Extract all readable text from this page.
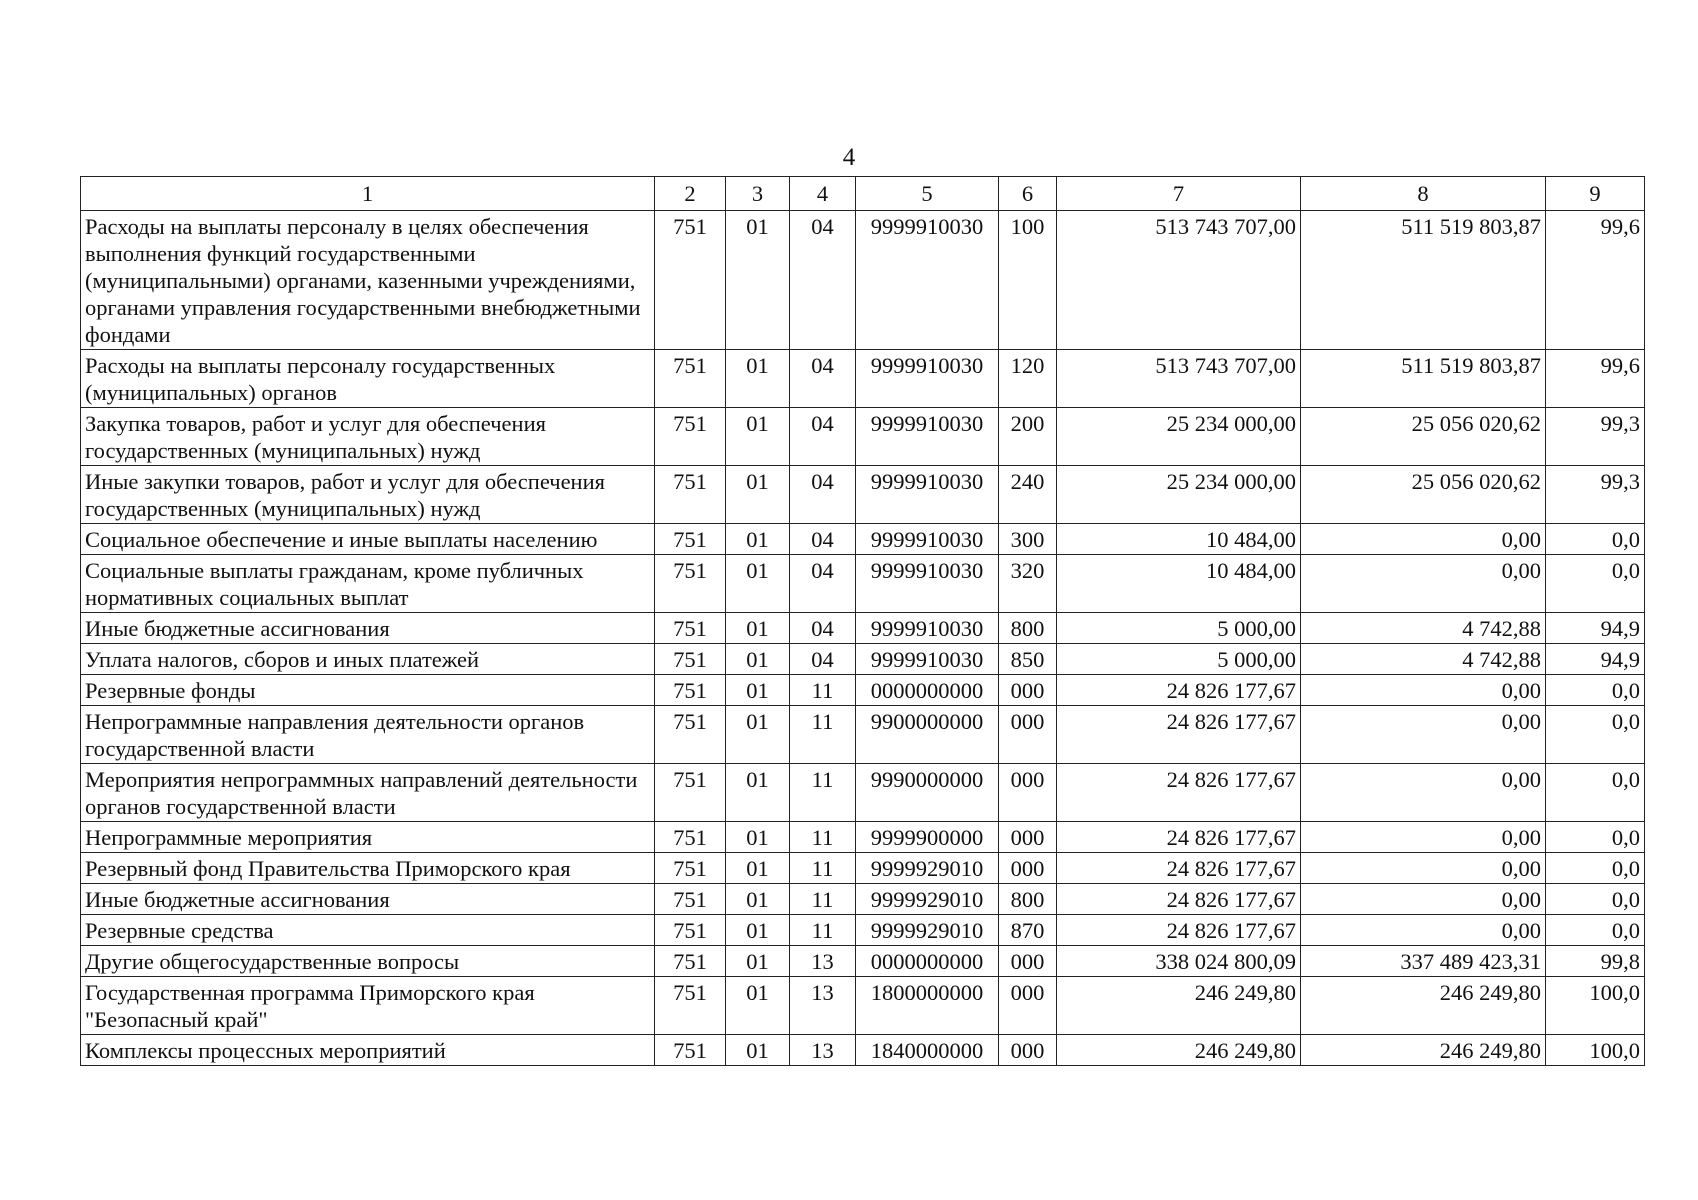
4
1	2	3	4	5	6	7	8	9
Расходы на выплаты персоналу в целях обеспечения выполнения функций государственными (муниципальными) органами, казенными учреждениями, органами управления государственными внебюджетными фондами	751	01	04	9999910030	100	513 743 707,00	511 519 803,87	99,6
Расходы на выплаты персоналу государственных (муниципальных) органов	751	01	04	9999910030	120	513 743 707,00	511 519 803,87	99,6
Закупка товаров, работ и услуг для обеспечения государственных (муниципальных) нужд	751	01	04	9999910030	200	25 234 000,00	25 056 020,62	99,3
Иные закупки товаров, работ и услуг для обеспечения государственных (муниципальных) нужд	751	01	04	9999910030	240	25 234 000,00	25 056 020,62	99,3
Социальное обеспечение и иные выплаты населению	751	01	04	9999910030	300	10 484,00	0,00	0,0
Социальные выплаты гражданам, кроме публичных нормативных социальных выплат	751	01	04	9999910030	320	10 484,00	0,00	0,0
Иные бюджетные ассигнования	751	01	04	9999910030	800	5 000,00	4 742,88	94,9
Уплата налогов, сборов и иных платежей	751	01	04	9999910030	850	5 000,00	4 742,88	94,9
Резервные фонды	751	01	11	0000000000	000	24 826 177,67	0,00	0,0
Непрограммные направления деятельности органов государственной власти	751	01	11	9900000000	000	24 826 177,67	0,00	0,0
Мероприятия непрограммных направлений деятельности органов государственной власти	751	01	11	9990000000	000	24 826 177,67	0,00	0,0
Непрограммные мероприятия	751	01	11	9999900000	000	24 826 177,67	0,00	0,0
Резервный фонд Правительства Приморского края	751	01	11	9999929010	000	24 826 177,67	0,00	0,0
Иные бюджетные ассигнования	751	01	11	9999929010	800	24 826 177,67	0,00	0,0
Резервные средства	751	01	11	9999929010	870	24 826 177,67	0,00	0,0
Другие общегосударственные вопросы	751	01	13	0000000000	000	338 024 800,09	337 489 423,31	99,8
Государственная программа Приморского края "Безопасный край"	751	01	13	1800000000	000	246 249,80	246 249,80	100,0
Комплексы процессных мероприятий	751	01	13	1840000000	000	246 249,80	246 249,80	100,0
